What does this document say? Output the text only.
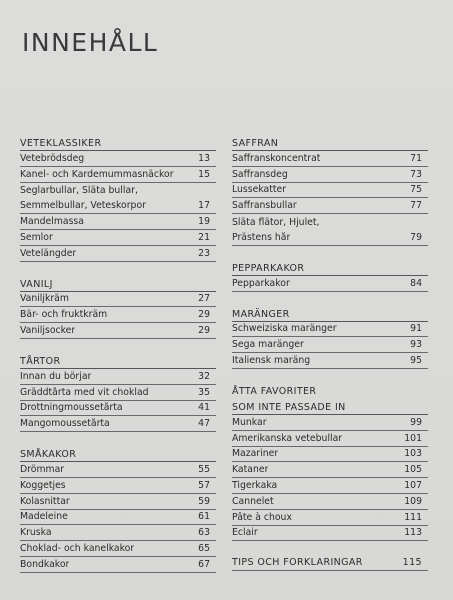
INNEHÅLL
VETEKLASSIKER
Vetebrödsdeg	13
Kanel- och Kardemummasnäckor	15
Seglarbullar, Släta bullar,
Semmelbullar, Veteskorpor	17
Mandelmassa	19
Semlor	21
Vetelängder	23
VANILJ
Vaniljkräm	27
Bär- och fruktkräm	29
Vaniljsocker	29
TÅRTOR
Innan du börjar	32
Gräddtårta med vit choklad	35
Drottningmoussetårta	41
Mangomoussetårta	47
SMÅKAKOR
Drömmar	55
Koggetjes	57
Kolasnittar	59
Madeleine	61
Kruska	63
Choklad- och kanelkakor	65
Bondkakor	67
SAFFRAN
Saffranskoncentrat	71
Saffransdeg	73
Lussekatter	75
Saffransbullar	77
Släta flätor, Hjulet,
Prästens hår	79
PEPPARKAKOR
Pepparkakor	84
MARÄNGER
Schweiziska maränger	91
Sega maränger	93
Italiensk maräng	95
ÅTTA FAVORITER
SOM INTE PASSADE IN
Munkar	99
Amerikanska vetebullar	101
Mazariner	103
Kataner	105
Tigerkaka	107
Cannelet	109
Pâte à choux	111
Éclair	113
TIPS OCH FÖRKLARINGAR	115
